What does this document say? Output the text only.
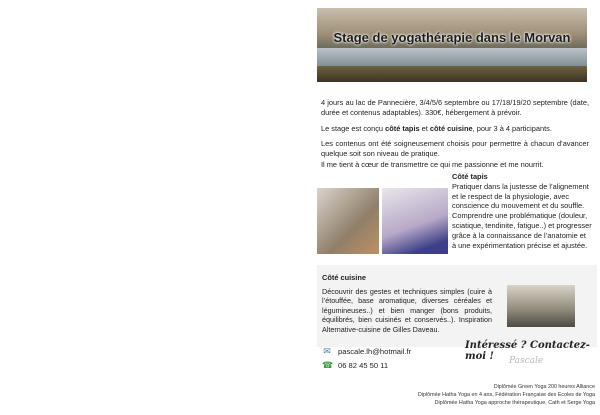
Stage de yogathérapie dans le Morvan

4 jours au lac de Pannecière, 3/4/5/6 septembre ou 17/18/19/20 septembre (date, durée et contenus adaptables). 330€, hébergement à prévoir.

Le stage est conçu côté tapis et côté cuisine, pour 3 à 4 participants.

Les contenus ont été soigneusement choisis pour permettre à chacun d’avancer quelque soit son niveau de pratique.

Il me tient à cœur de transmettre ce qui me passionne et me nourrit.

Côté tapis
Pratiquer dans la justesse de l’alignement et le respect de la physiologie, avec conscience du mouvement et du souffle. Comprendre une problématique (douleur, sciatique, tendinite, fatigue..) et progresser grâce à la connaissance de l’anatomie et à une expérimentation précise et ajustée.
Côté cuisine
Découvrir des gestes et techniques simples (cuire à l’étouffée, base aromatique, diverses céréales et légumineuses..) et bien manger (bons produits, équilibrés, bien cuisinés et conservés..). Inspiration Alternative-cuisine de Gilles Daveau.
✉ pascale.lh@hotmail.fr
☎ 06 82 45 50 11
Intéressé ? Contactez-moi !	Pascale
Diplômée Green Yoga 200 heures Alliance
Diplômée Hatha Yoga en 4 ans, Fédération Française des Ecoles de Yoga
Diplômée Hatha Yoga approche thérapeutique, Cath et Serge Yoga
